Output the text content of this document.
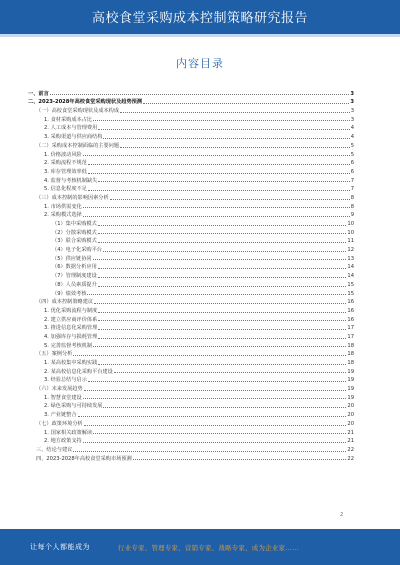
高校食堂采购成本控制策略研究报告
内容目录
一、前言	3
二、2023-2028年高校食堂采购现状及趋势预测	3
（一）高校食堂采购现状及成本构成	3
1. 食材采购成本占比	3
2. 人工成本与管理费用	4
3. 采购渠道与供应商结构	4
（二）采购成本控制面临的主要问题	5
1. 价格波动风险	5
2. 采购流程不规范	6
3. 库存管理效率低	6
4. 监督与考核机制缺失	7
5. 信息化程度不足	7
（三）成本控制的影响因素分析	8
1. 市场供需变化	8
2. 采购模式选择	9
（1）集中采购模式	10
（2）分散采购模式	10
（3）联合采购模式	11
（4）电子化采购平台	12
（5）供应链协同	13
（6）数据分析应用	14
（7）管理制度建设	14
（8）人员素质提升	15
（9）绩效考核	15
（四）成本控制策略建议	16
1. 优化采购流程与制度	16
2. 建立供应商评价体系	16
3. 推进信息化采购管理	17
4. 加强库存与损耗管理	17
5. 完善监督考核机制	18
（五）案例分析	18
1. 某高校集中采购实践	18
2. 某高校信息化采购平台建设	19
3. 经验总结与启示	19
（六）未来发展趋势	19
1. 智慧食堂建设	19
2. 绿色采购与可持续发展	20
3. 产业链整合	20
（七）政策环境分析	20
1. 国家相关政策解读	21
2. 地方政策支持	21
三、结论与建议	22
四、2023-2028年高校食堂采购市场预测	22
2
让每个人都能成为	行业专家、管理专家、营销专家、战略专家、成为企业家……
